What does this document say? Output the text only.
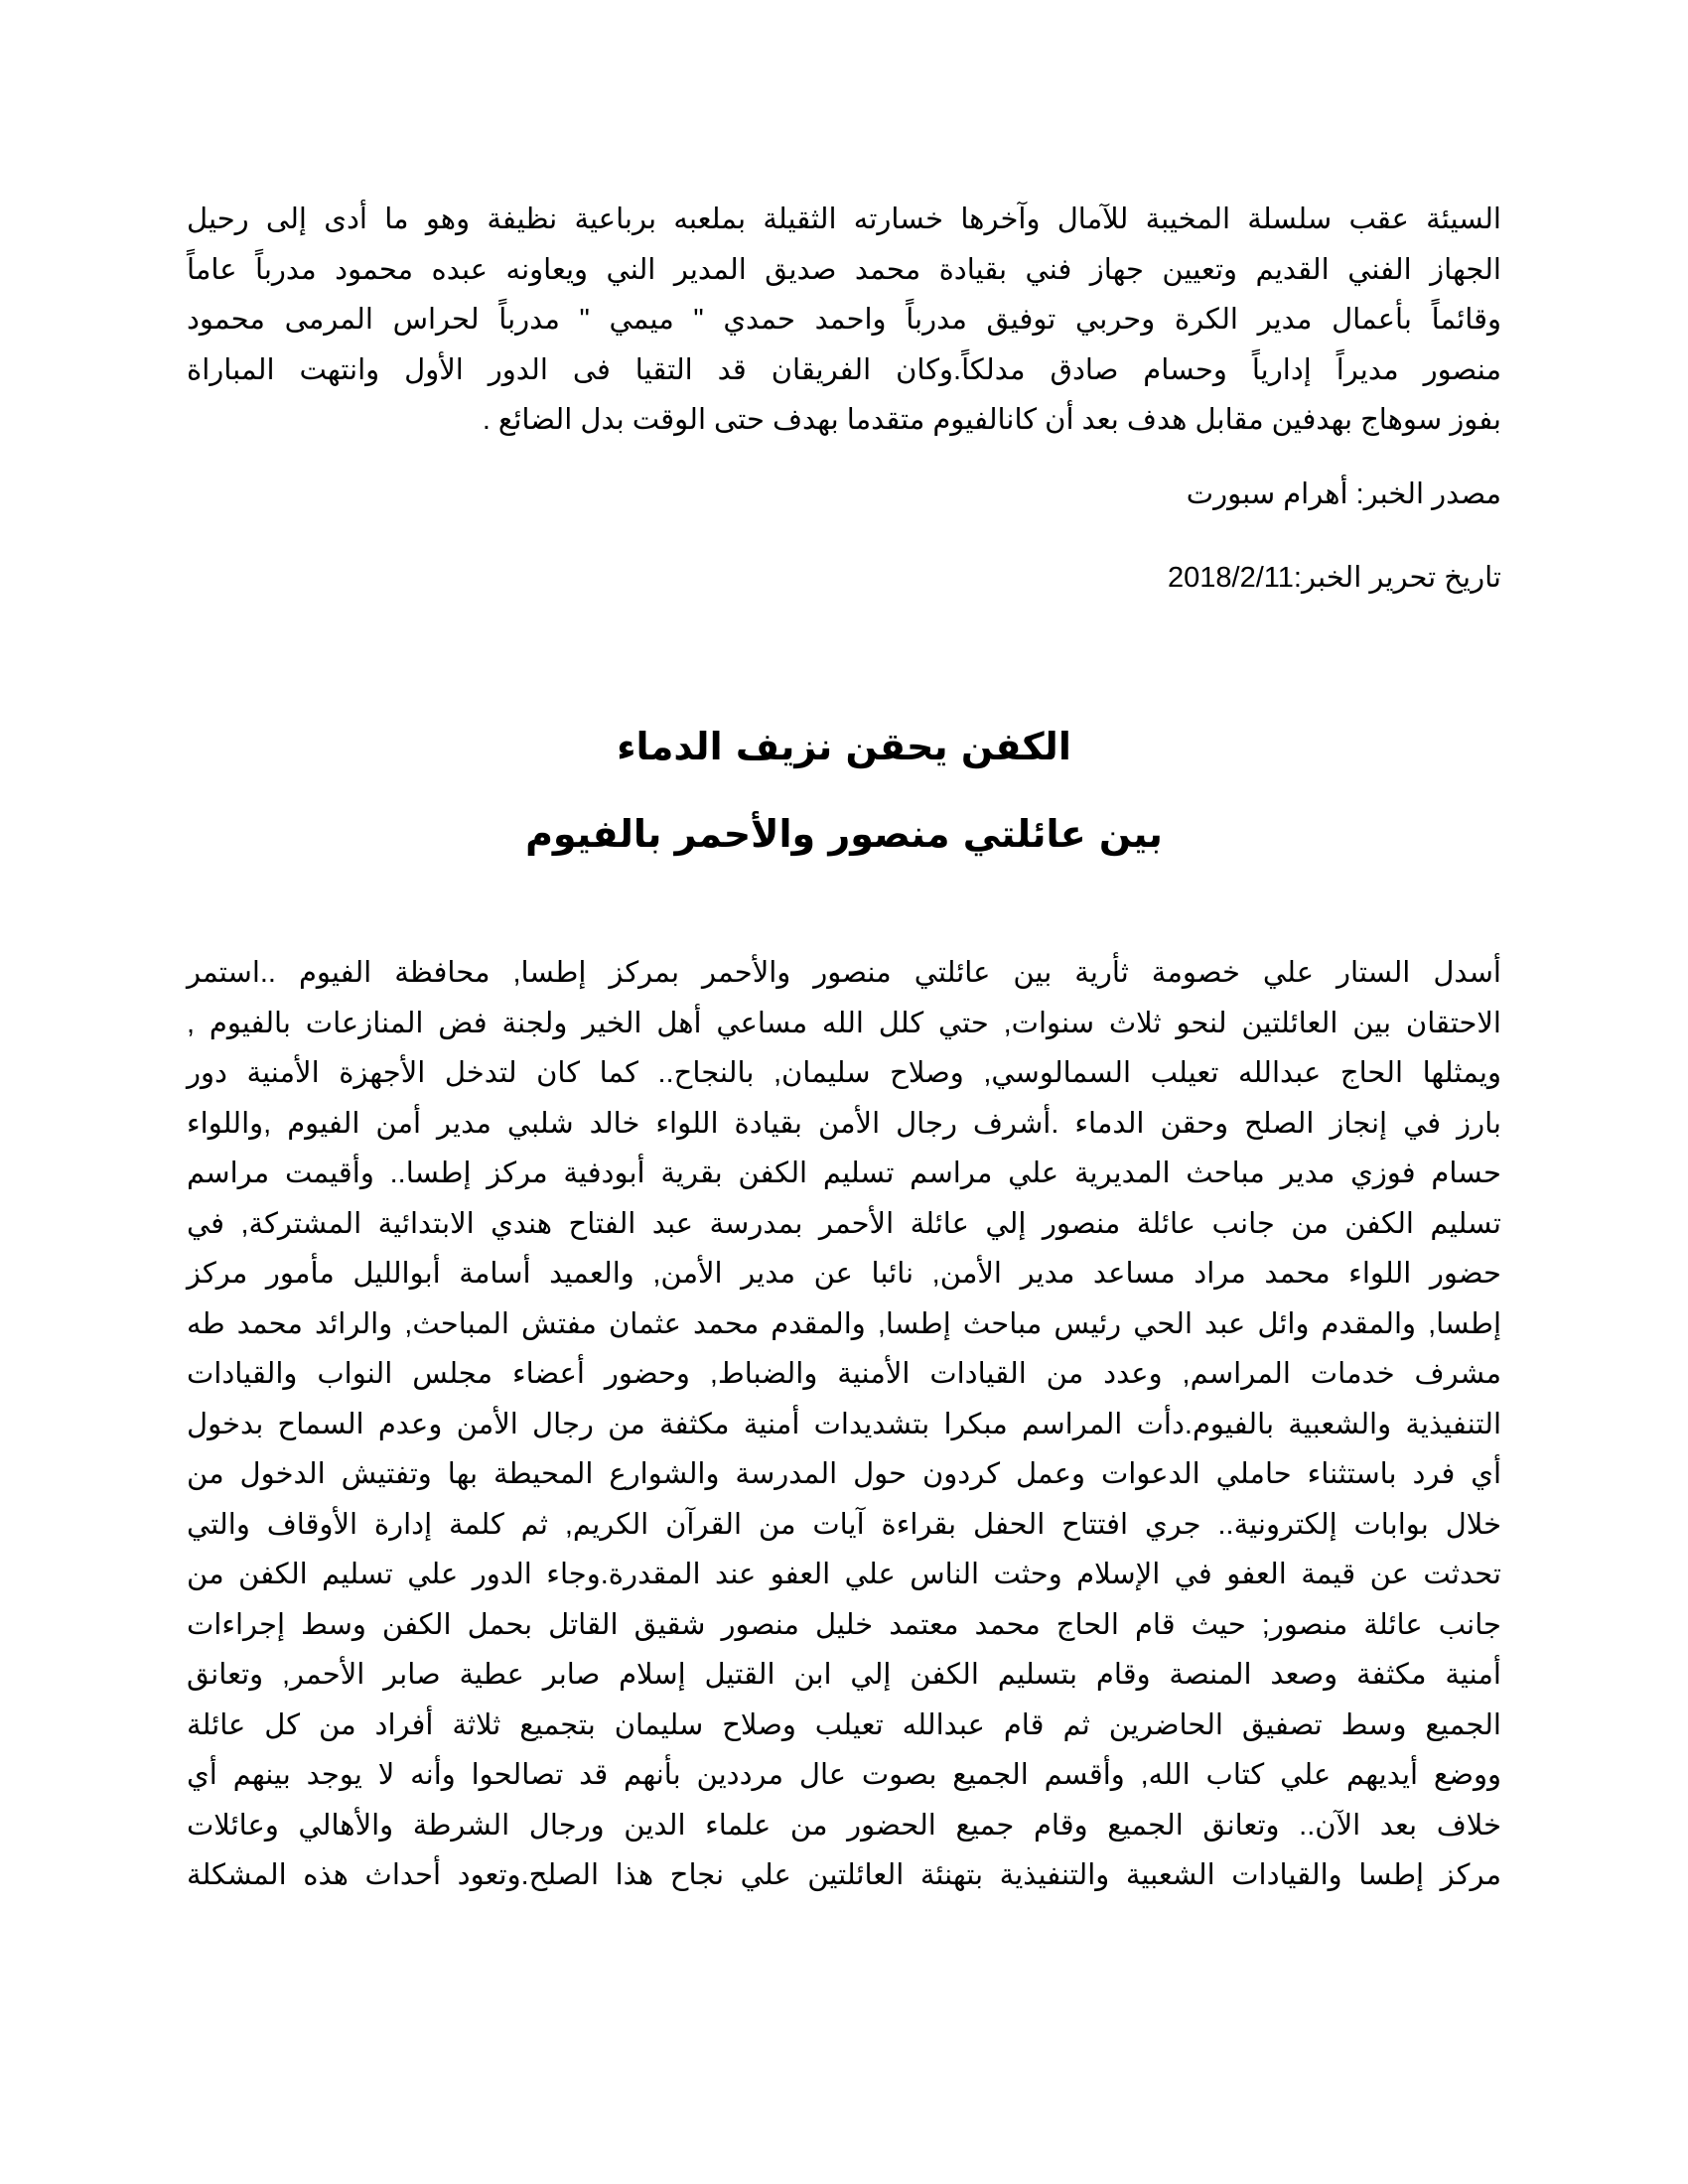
السيئة عقب سلسلة المخيبة للآمال وآخرها خسارته الثقيلة بملعبه برباعية نظيفة وهو ما أدى إلى رحيل
الجهاز الفني القديم وتعيين جهاز فني بقيادة محمد صديق المدير الني ويعاونه عبده محمود مدرباً عاماً
وقائماً بأعمال مدير الكرة وحربي توفيق مدرباً واحمد حمدي " ميمي " مدرباً لحراس المرمى محمود
منصور مديراً إدارياً وحسام صادق مدلكاً.وكان الفريقان قد التقيا فى الدور الأول وانتهت المباراة
بفوز سوهاج بهدفين مقابل هدف بعد أن كانالفيوم متقدما بهدف حتى الوقت بدل الضائع .
مصدر الخبر: أهرام سبورت
تاريخ تحرير الخبر:2018/2/11
الكفن يحقن نزيف الدماء
بين عائلتي منصور والأحمر بالفيوم
أسدل الستار علي خصومة ثأرية بين عائلتي منصور والأحمر بمركز إطسا, محافظة الفيوم ..استمر
الاحتقان بين العائلتين لنحو ثلاث سنوات, حتي كلل الله مساعي أهل الخير ولجنة فض المنازعات بالفيوم ,
ويمثلها الحاج عبدالله تعيلب السمالوسي, وصلاح سليمان, بالنجاح.. كما كان لتدخل الأجهزة الأمنية دور
بارز في إنجاز الصلح وحقن الدماء .أشرف رجال الأمن بقيادة اللواء خالد شلبي مدير أمن الفيوم ,واللواء
حسام فوزي مدير مباحث المديرية علي مراسم تسليم الكفن بقرية أبودفية مركز إطسا.. وأقيمت مراسم
تسليم الكفن من جانب عائلة منصور إلي عائلة الأحمر بمدرسة عبد الفتاح هندي الابتدائية المشتركة, في
حضور اللواء محمد مراد مساعد مدير الأمن, نائبا عن مدير الأمن, والعميد أسامة أبوالليل مأمور مركز
إطسا, والمقدم وائل عبد الحي رئيس مباحث إطسا, والمقدم محمد عثمان مفتش المباحث, والرائد محمد طه
مشرف خدمات المراسم, وعدد من القيادات الأمنية والضباط, وحضور أعضاء مجلس النواب والقيادات
التنفيذية والشعبية بالفيوم.دأت المراسم مبكرا بتشديدات أمنية مكثفة من رجال الأمن وعدم السماح بدخول
أي فرد باستثناء حاملي الدعوات وعمل كردون حول المدرسة والشوارع المحيطة بها وتفتيش الدخول من
خلال بوابات إلكترونية.. جري افتتاح الحفل بقراءة آيات من القرآن الكريم, ثم كلمة إدارة الأوقاف والتي
تحدثت عن قيمة العفو في الإسلام وحثت الناس علي العفو عند المقدرة.وجاء الدور علي تسليم الكفن من
جانب عائلة منصور; حيث قام الحاج محمد معتمد خليل منصور شقيق القاتل بحمل الكفن وسط إجراءات
أمنية مكثفة وصعد المنصة وقام بتسليم الكفن إلي ابن القتيل إسلام صابر عطية صابر الأحمر, وتعانق
الجميع وسط تصفيق الحاضرين ثم قام عبدالله تعيلب وصلاح سليمان بتجميع ثلاثة أفراد من كل عائلة
ووضع أيديهم علي كتاب الله, وأقسم الجميع بصوت عال مرددين بأنهم قد تصالحوا وأنه لا يوجد بينهم أي
خلاف بعد الآن.. وتعانق الجميع وقام جميع الحضور من علماء الدين ورجال الشرطة والأهالي وعائلات
مركز إطسا والقيادات الشعبية والتنفيذية بتهنئة العائلتين علي نجاح هذا الصلح.وتعود أحداث هذه المشكلة
